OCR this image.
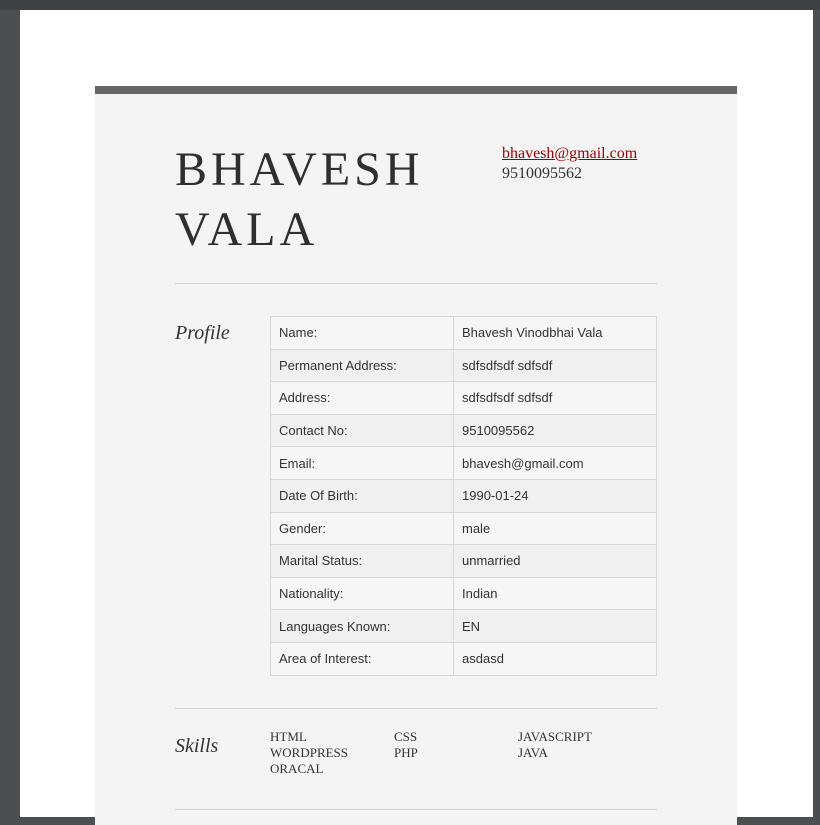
BHAVESH
VALA
bhavesh@gmail.com
9510095562
Profile	Name:	Bhavesh Vinodbhai Vala
Permanent Address:	sdfsdfsdf sdfsdf
Address:	sdfsdfsdf sdfsdf
Contact No:	9510095562
Email:	bhavesh@gmail.com
Date Of Birth:	1990-01-24
Gender:	male
Marital Status:	unmarried
Nationality:	Indian
Languages Known:	EN
Area of Interest:	asdasd
Skills	HTML	CSS	JAVASCRIPT
WORDPRESS	PHP	JAVA
ORACAL
